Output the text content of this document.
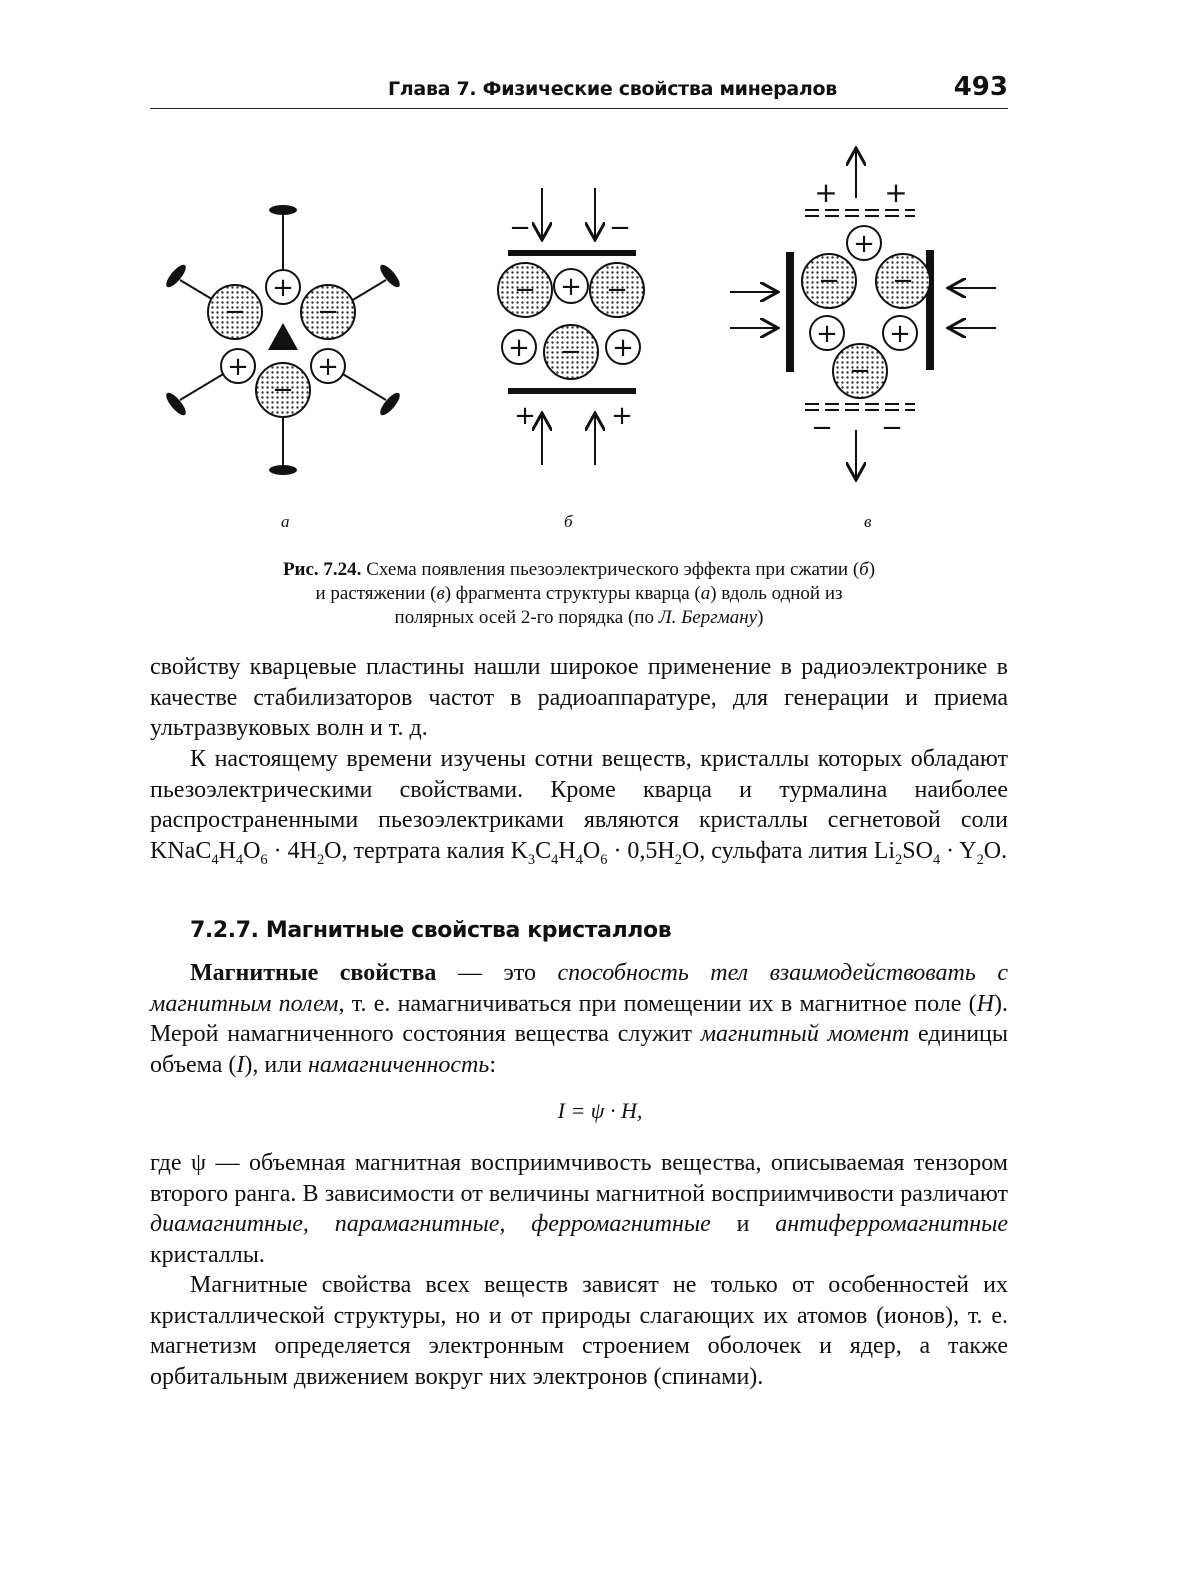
Глава 7. Физические свойства минералов	493
+
+	+
−	−
−
−	−
+	+
+
+	+
−	−
−
+ +
− −
+
+ +
− −
−
а	б	в
Рис. 7.24. Схема появления пьезоэлектрического эффекта при сжатии (б)
и растяжении (в) фрагмента структуры кварца (а) вдоль одной из
полярных осей 2-го порядка (по Л. Бергману)

свойству кварцевые пластины нашли широкое применение в радиоэлектронике в качестве стабилизаторов частот в радиоаппаратуре, для генерации и приема ультразвуковых волн и т. д.

К настоящему времени изучены сотни веществ, кристаллы которых обладают пьезоэлектрическими свойствами. Кроме кварца и турмалина наиболее распространенными пьезоэлектриками являются кристаллы сегнетовой соли $KNaC_4H_4O_6 \cdot 4H_2O$, тертрата калия $K_3C_4H_4O_6 \cdot 0,5H_2O$, сульфата лития $Li_2SO_4 \cdot Y_2O$.

7.2.7. Магнитные свойства кристаллов

Магнитные свойства — это способность тел взаимодействовать с магнитным полем, т. е. намагничиваться при помещении их в магнитное поле (H). Мерой намагниченного состояния вещества служит магнитный момент единицы объема (I), или намагниченность:

I = ψ · H,

где ψ — объемная магнитная восприимчивость вещества, описываемая тензором второго ранга. В зависимости от величины магнитной восприимчивости различают диамагнитные, парамагнитные, ферромагнитные и антиферромагнитные кристаллы.

Магнитные свойства всех веществ зависят не только от особенностей их кристаллической структуры, но и от природы слагающих их атомов (ионов), т. е. магнетизм определяется электронным строением оболочек и ядер, а также орбитальным движением вокруг них электронов (спинами).
